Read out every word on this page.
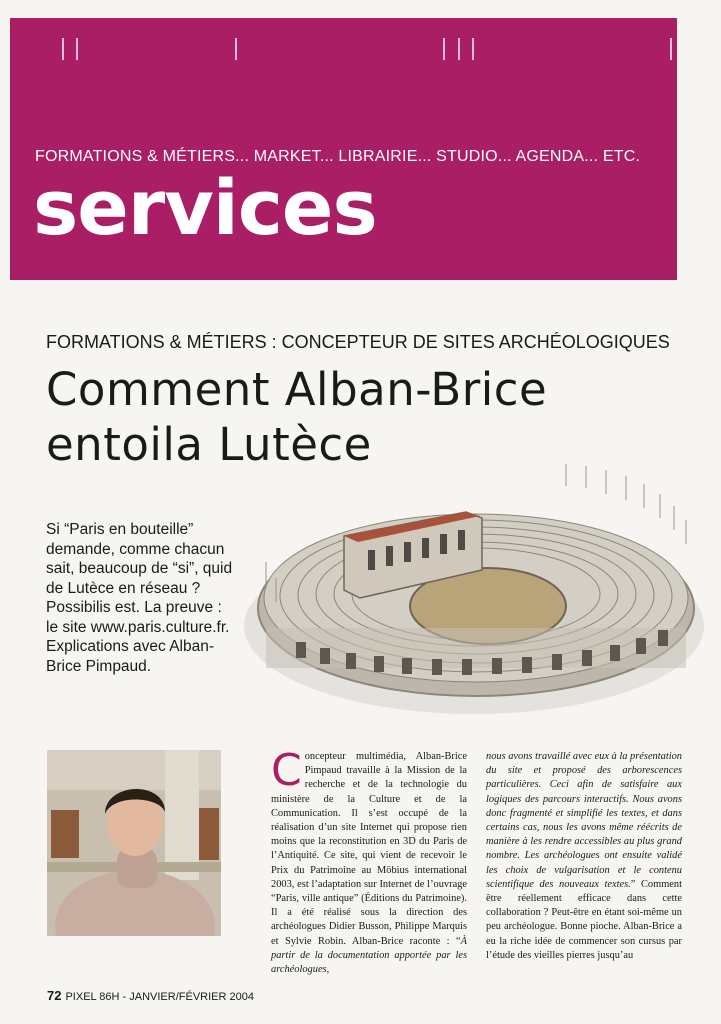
FORMATIONS & MÉTIERS... MARKET... LIBRAIRIE... STUDIO... AGENDA... ETC.
services
FORMATIONS & MÉTIERS : CONCEPTEUR DE SITES ARCHÉOLOGIQUES
Comment Alban-Brice
entoila Lutèce

Si “Paris en bouteille” demande, comme chacun sait, beaucoup de “si”, quid de Lutèce en réseau ? Possibilis est. La preuve : le site www.paris.culture.fr. Explications avec Alban-Brice Pimpaud.

Concepteur multimédia, Alban-Brice Pimpaud travaille à la Mission de la recherche et de la technologie du ministère de la Culture et de la Communication. Il s’est occupé de la réalisation d’un site Internet qui propose rien moins que la reconstitution en 3D du Paris de l’Antiquité. Ce site, qui vient de recevoir le Prix du Patrimoine au Möbius international 2003, est l’adaptation sur Internet de l’ouvrage “Paris, ville antique” (Éditions du Patrimoine). Il a été réalisé sous la direction des archéologues Didier Busson, Philippe Marquis et Sylvie Robin. Alban-Brice raconte : “À partir de la documentation apportée par les archéologues,

nous avons travaillé avec eux à la présentation du site et proposé des arborescences particulières. Ceci afin de satisfaire aux logiques des parcours interactifs. Nous avons donc fragmenté et simplifié les textes, et dans certains cas, nous les avons même réécrits de manière à les rendre accessibles au plus grand nombre. Les archéologues ont ensuite validé les choix de vulgarisation et le contenu scientifique des nouveaux textes.” Comment être réellement efficace dans cette collaboration ? Peut-être en étant soi-même un peu archéologue. Bonne pioche. Alban-Brice a eu la riche idée de commencer son cursus par l’étude des vieilles pierres jusqu’au

72 PIXEL 86H - JANVIER/FÉVRIER 2004
